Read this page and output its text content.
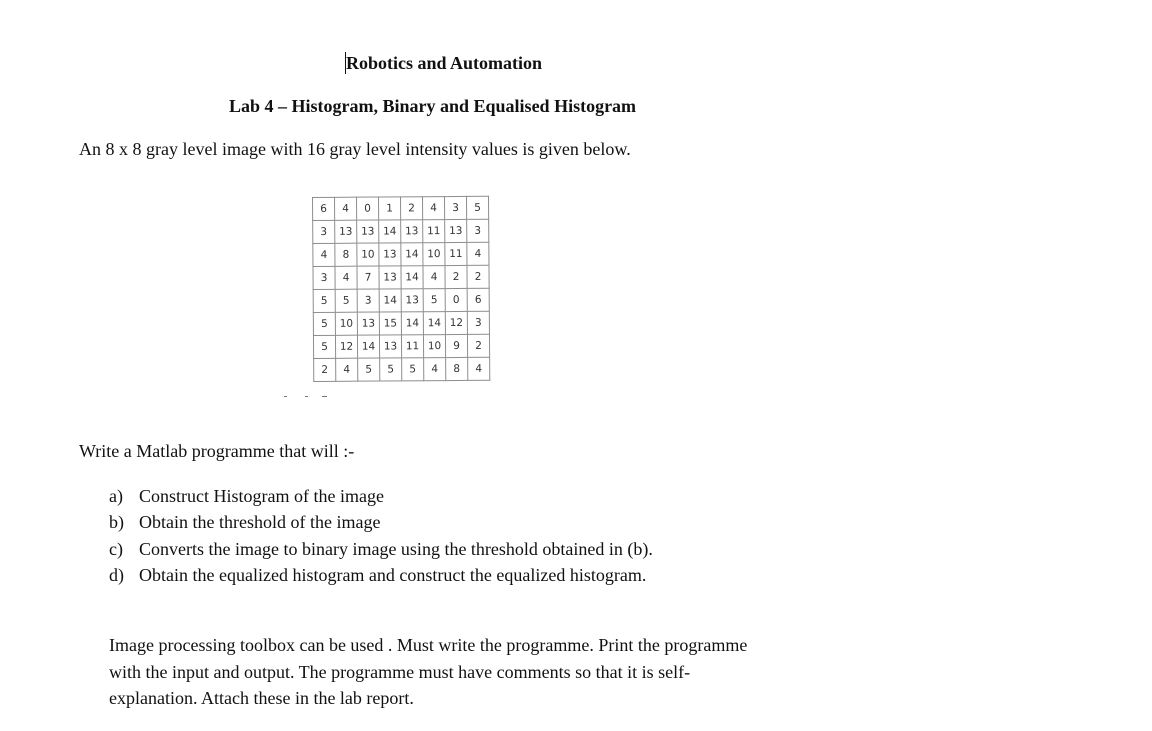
Robotics and Automation
Lab 4 – Histogram, Binary and Equalised Histogram
An 8 x 8 gray level image with 16 gray level intensity values is given below.
6	4	0	1	2	4	3	5
3	13	13	14	13	11	13	3
4	8	10	13	14	10	11	4
3	4	7	13	14	4	2	2
5	5	3	14	13	5	0	6
5	10	13	15	14	14	12	3
5	12	14	13	11	10	9	2
2	4	5	5	5	4	8	4
Write a Matlab programme that will :-
a) Construct Histogram of the image
b) Obtain the threshold of the image
c) Converts the image to binary image using the threshold obtained in (b).
d) Obtain the equalized histogram and construct the equalized histogram.
Image processing toolbox can be used . Must write the programme. Print the programme
with the input and output. The programme must have comments so that it is self-
explanation. Attach these in the lab report.
